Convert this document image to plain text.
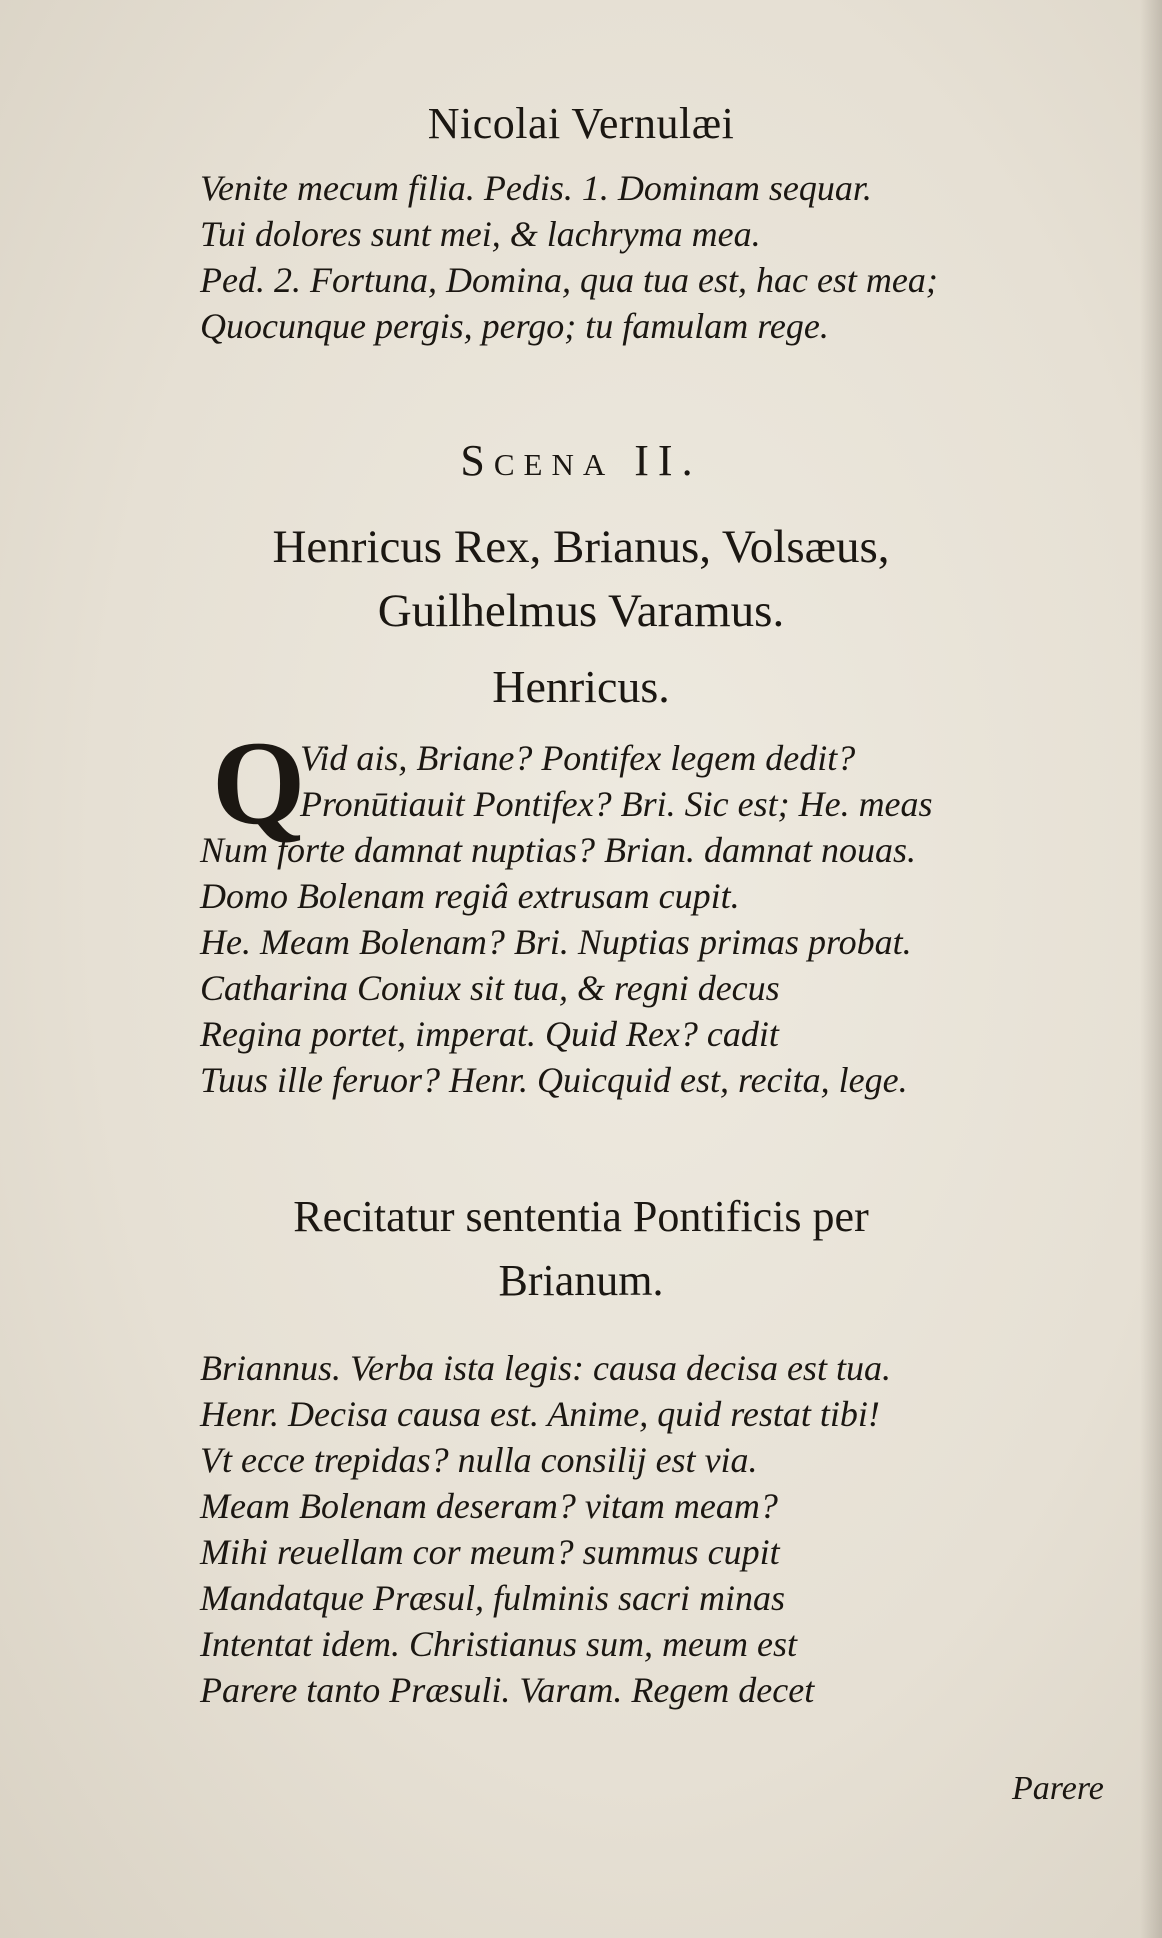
Nicolai Vernulæi
Venite mecum filia. Pedis. 1. Dominam sequar.
Tui dolores sunt mei, & lachryma mea.
Ped. 2. Fortuna, Domina, qua tua est, hac est mea;
Quocunque pergis, pergo; tu famulam rege.
Scena II.
Henricus Rex, Brianus, Volsæus,
Guilhelmus Varamus.
Henricus.
Q
Vid ais, Briane? Pontifex legem dedit?
Pronūtiauit Pontifex? Bri. Sic est; He. meas
Num forte damnat nuptias? Brian. damnat nouas.
Domo Bolenam regiâ extrusam cupit.
He. Meam Bolenam? Bri. Nuptias primas probat.
Catharina Coniux sit tua, & regni decus
Regina portet, imperat. Quid Rex? cadit
Tuus ille feruor? Henr. Quicquid est, recita, lege.
Recitatur sententia Pontificis per
Brianum.
Briannus. Verba ista legis: causa decisa est tua.
Henr. Decisa causa est. Anime, quid restat tibi!
Vt ecce trepidas? nulla consilij est via.
Meam Bolenam deseram? vitam meam?
Mihi reuellam cor meum? summus cupit
Mandatque Præsul, fulminis sacri minas
Intentat idem. Christianus sum, meum est
Parere tanto Præsuli. Varam. Regem decet
Parere
